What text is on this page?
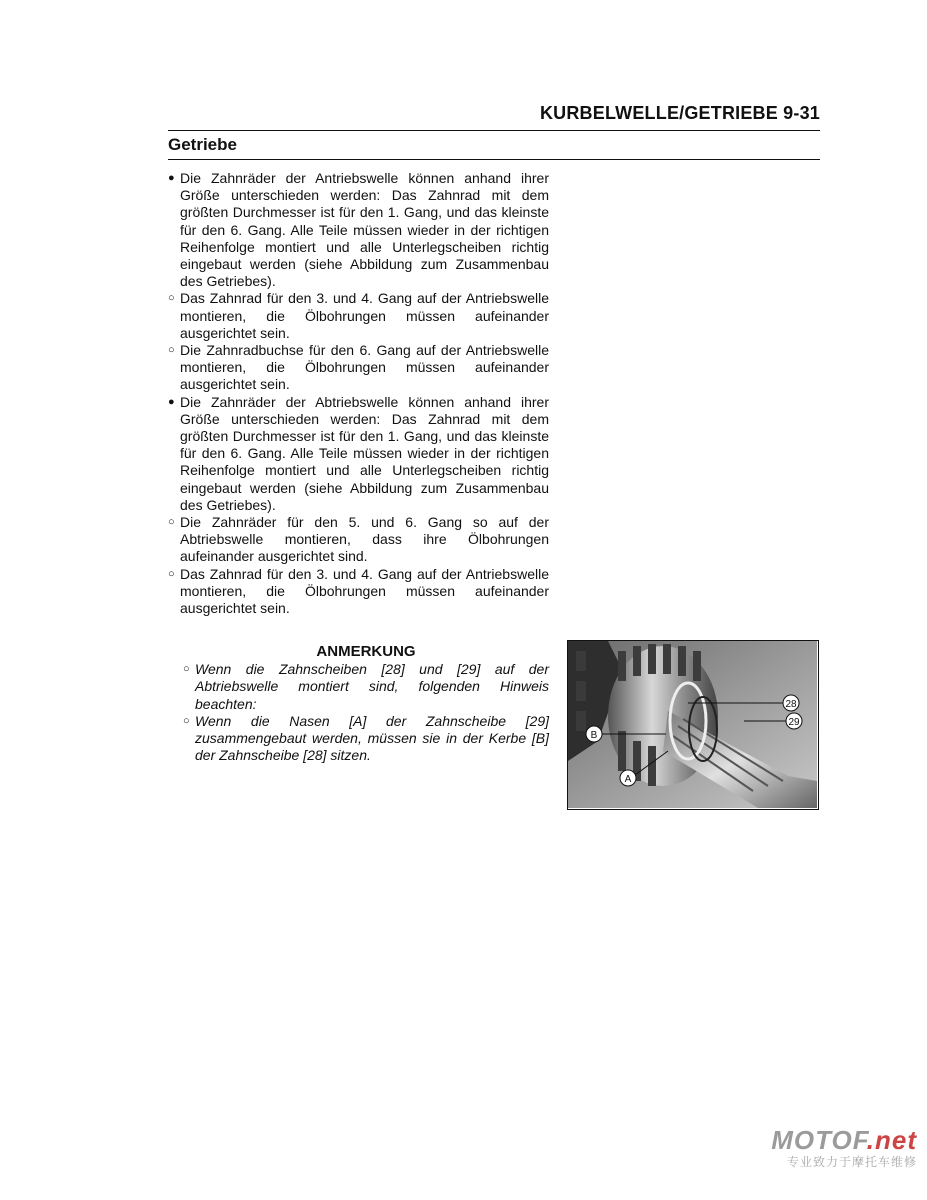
KURBELWELLE/GETRIEBE 9-31
Getriebe
● Die Zahnräder der Antriebswelle können anhand ihrer Größe unterschieden werden: Das Zahnrad mit dem größten Durchmesser ist für den 1. Gang, und das kleinste für den 6. Gang. Alle Teile müssen wieder in der richtigen Reihenfolge montiert und alle Unterlegscheiben richtig eingebaut werden (siehe Abbildung zum Zusammenbau des Getriebes).
○ Das Zahnrad für den 3. und 4. Gang auf der Antriebswelle montieren, die Ölbohrungen müssen aufeinander ausgerichtet sein.
○ Die Zahnradbuchse für den 6. Gang auf der Antriebswelle montieren, die Ölbohrungen müssen aufeinander ausgerichtet sein.
● Die Zahnräder der Abtriebswelle können anhand ihrer Größe unterschieden werden: Das Zahnrad mit dem größten Durchmesser ist für den 1. Gang, und das kleinste für den 6. Gang. Alle Teile müssen wieder in der richtigen Reihenfolge montiert und alle Unterlegscheiben richtig eingebaut werden (siehe Abbildung zum Zusammenbau des Getriebes).
○ Die Zahnräder für den 5. und 6. Gang so auf der Abtriebswelle montieren, dass ihre Ölbohrungen aufeinander ausgerichtet sind.
○ Das Zahnrad für den 3. und 4. Gang auf der Antriebswelle montieren, die Ölbohrungen müssen aufeinander ausgerichtet sein.
ANMERKUNG
○ Wenn die Zahnscheiben [28] und [29] auf der Abtriebswelle montiert sind, folgenden Hinweis beachten:
○ Wenn die Nasen [A] der Zahnscheibe [29] zusammengebaut werden, müssen sie in der Kerbe [B] der Zahnscheibe [28] sitzen.
28
29
B
A
MOTOF.net
专业致力于摩托车维修
